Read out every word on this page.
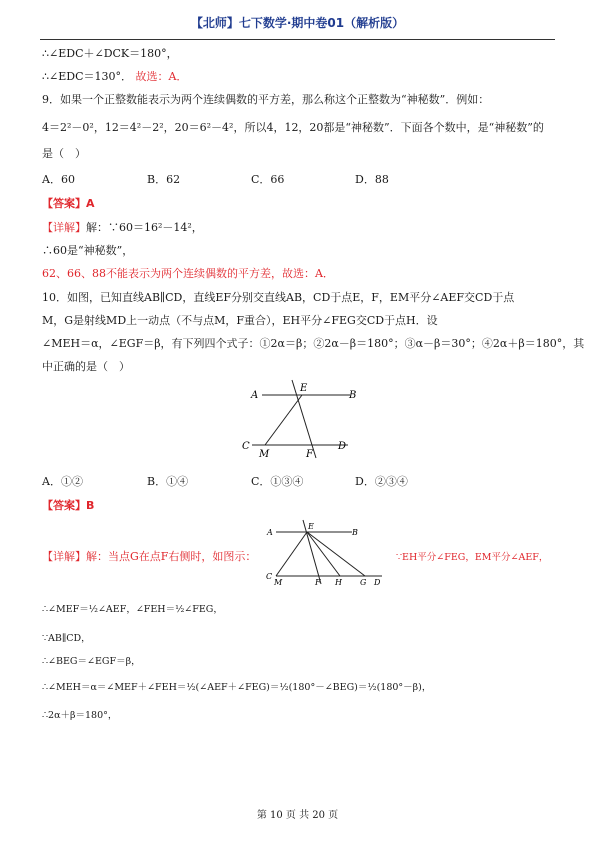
【北师】七下数学·期中卷01（解析版）
∴∠EDC＋∠DCK＝180°，
∴∠EDC＝130°． 故选：A．
9．如果一个正整数能表示为两个连续偶数的平方差，那么称这个正整数为“神秘数”．例如：
4＝2²－0²，12＝4²－2²，20＝6²－4²，所以4，12，20都是“神秘数”．下面各个数中，是“神秘数”的
是（　）
A．60	B．62	C．66	D．88
【答案】A
【详解】解：∵60＝16²－14²，
∴60是“神秘数”，
62、66、88不能表示为两个连续偶数的平方差，故选：A．
10．如图，已知直线AB∥CD，直线EF分别交直线AB，CD于点E，F，EM平分∠AEF交CD于点
M，G是射线MD上一动点（不与点M，F重合），EH平分∠FEG交CD于点H．设
∠MEH＝α，∠EGF＝β，有下列四个式子：①2α＝β；②2α－β＝180°；③α－β＝30°；④2α＋β＝180°，其
中正确的是（　）
A	B
E
C
M	F
D
A．①②	B．①④	C．①③④	D．②③④
【答案】B
【详解】解：当点G在点F右侧时，如图示：
A	B
E
C
M	F H G D
∵EH平分∠FEG，EM平分∠AEF，
∴∠MEF＝½∠AEF，∠FEH＝½∠FEG，
∵AB∥CD，
∴∠BEG＝∠EGF＝β，
∴∠MEH＝α＝∠MEF＋∠FEH＝½(∠AEF＋∠FEG)＝½(180°－∠BEG)＝½(180°－β)，
∴2α＋β＝180°，
第 10 页 共 20 页
